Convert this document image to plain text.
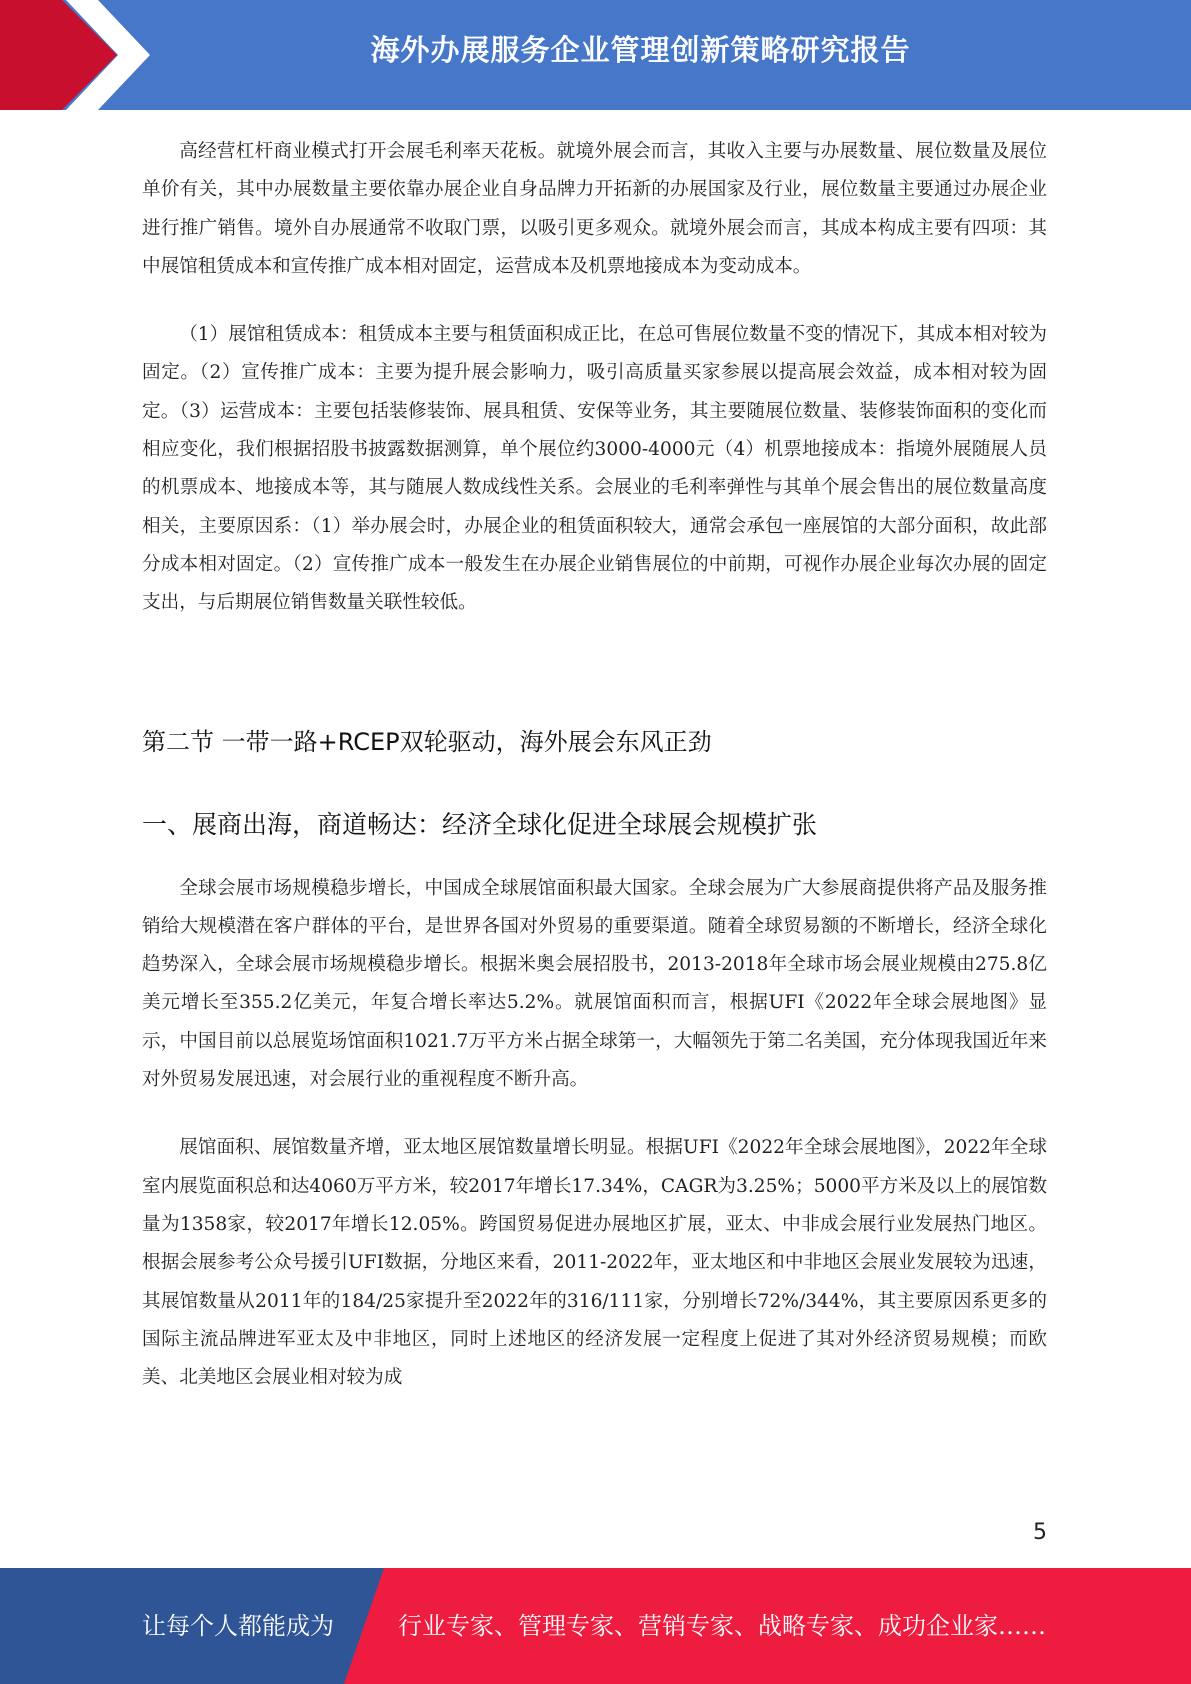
海外办展服务企业管理创新策略研究报告

高经营杠杆商业模式打开会展毛利率天花板。就境外展会而言，其收入主要与办展数量、展位数量及展位单价有关，其中办展数量主要依靠办展企业自身品牌力开拓新的办展国家及行业，展位数量主要通过办展企业进行推广销售。境外自办展通常不收取门票，以吸引更多观众。就境外展会而言，其成本构成主要有四项：其中展馆租赁成本和宣传推广成本相对固定，运营成本及机票地接成本为变动成本。

（1）展馆租赁成本：租赁成本主要与租赁面积成正比，在总可售展位数量不变的情况下，其成本相对较为固定。（2）宣传推广成本：主要为提升展会影响力，吸引高质量买家参展以提高展会效益，成本相对较为固定。（3）运营成本：主要包括装修装饰、展具租赁、安保等业务，其主要随展位数量、装修装饰面积的变化而相应变化，我们根据招股书披露数据测算，单个展位约3000-4000元（4）机票地接成本：指境外展随展人员的机票成本、地接成本等，其与随展人数成线性关系。会展业的毛利率弹性与其单个展会售出的展位数量高度相关，主要原因系：（1）举办展会时，办展企业的租赁面积较大，通常会承包一座展馆的大部分面积，故此部分成本相对固定。（2）宣传推广成本一般发生在办展企业销售展位的中前期，可视作办展企业每次办展的固定支出，与后期展位销售数量关联性较低。

第二节 一带一路+RCEP双轮驱动，海外展会东风正劲
一、展商出海，商道畅达：经济全球化促进全球展会规模扩张

全球会展市场规模稳步增长，中国成全球展馆面积最大国家。全球会展为广大参展商提供将产品及服务推销给大规模潜在客户群体的平台，是世界各国对外贸易的重要渠道。随着全球贸易额的不断增长，经济全球化趋势深入，全球会展市场规模稳步增长。根据米奥会展招股书，2013-2018年全球市场会展业规模由275.8亿美元增长至355.2亿美元，年复合增长率达5.2%。就展馆面积而言，根据UFI《2022年全球会展地图》显示，中国目前以总展览场馆面积1021.7万平方米占据全球第一，大幅领先于第二名美国，充分体现我国近年来对外贸易发展迅速，对会展行业的重视程度不断升高。

展馆面积、展馆数量齐增，亚太地区展馆数量增长明显。根据UFI《2022年全球会展地图》，2022年全球室内展览面积总和达4060万平方米，较2017年增长17.34%，CAGR为3.25%；5000平方米及以上的展馆数量为1358家，较2017年增长12.05%。跨国贸易促进办展地区扩展，亚太、中非成会展行业发展热门地区。根据会展参考公众号援引UFI数据，分地区来看，2011-2022年，亚太地区和中非地区会展业发展较为迅速，其展馆数量从2011年的184/25家提升至2022年的316/111家，分别增长72%/344%，其主要原因系更多的国际主流品牌进军亚太及中非地区，同时上述地区的经济发展一定程度上促进了其对外经济贸易规模；而欧美、北美地区会展业相对较为成

5
让每个人都能成为	行业专家、管理专家、营销专家、战略专家、成功企业家……
